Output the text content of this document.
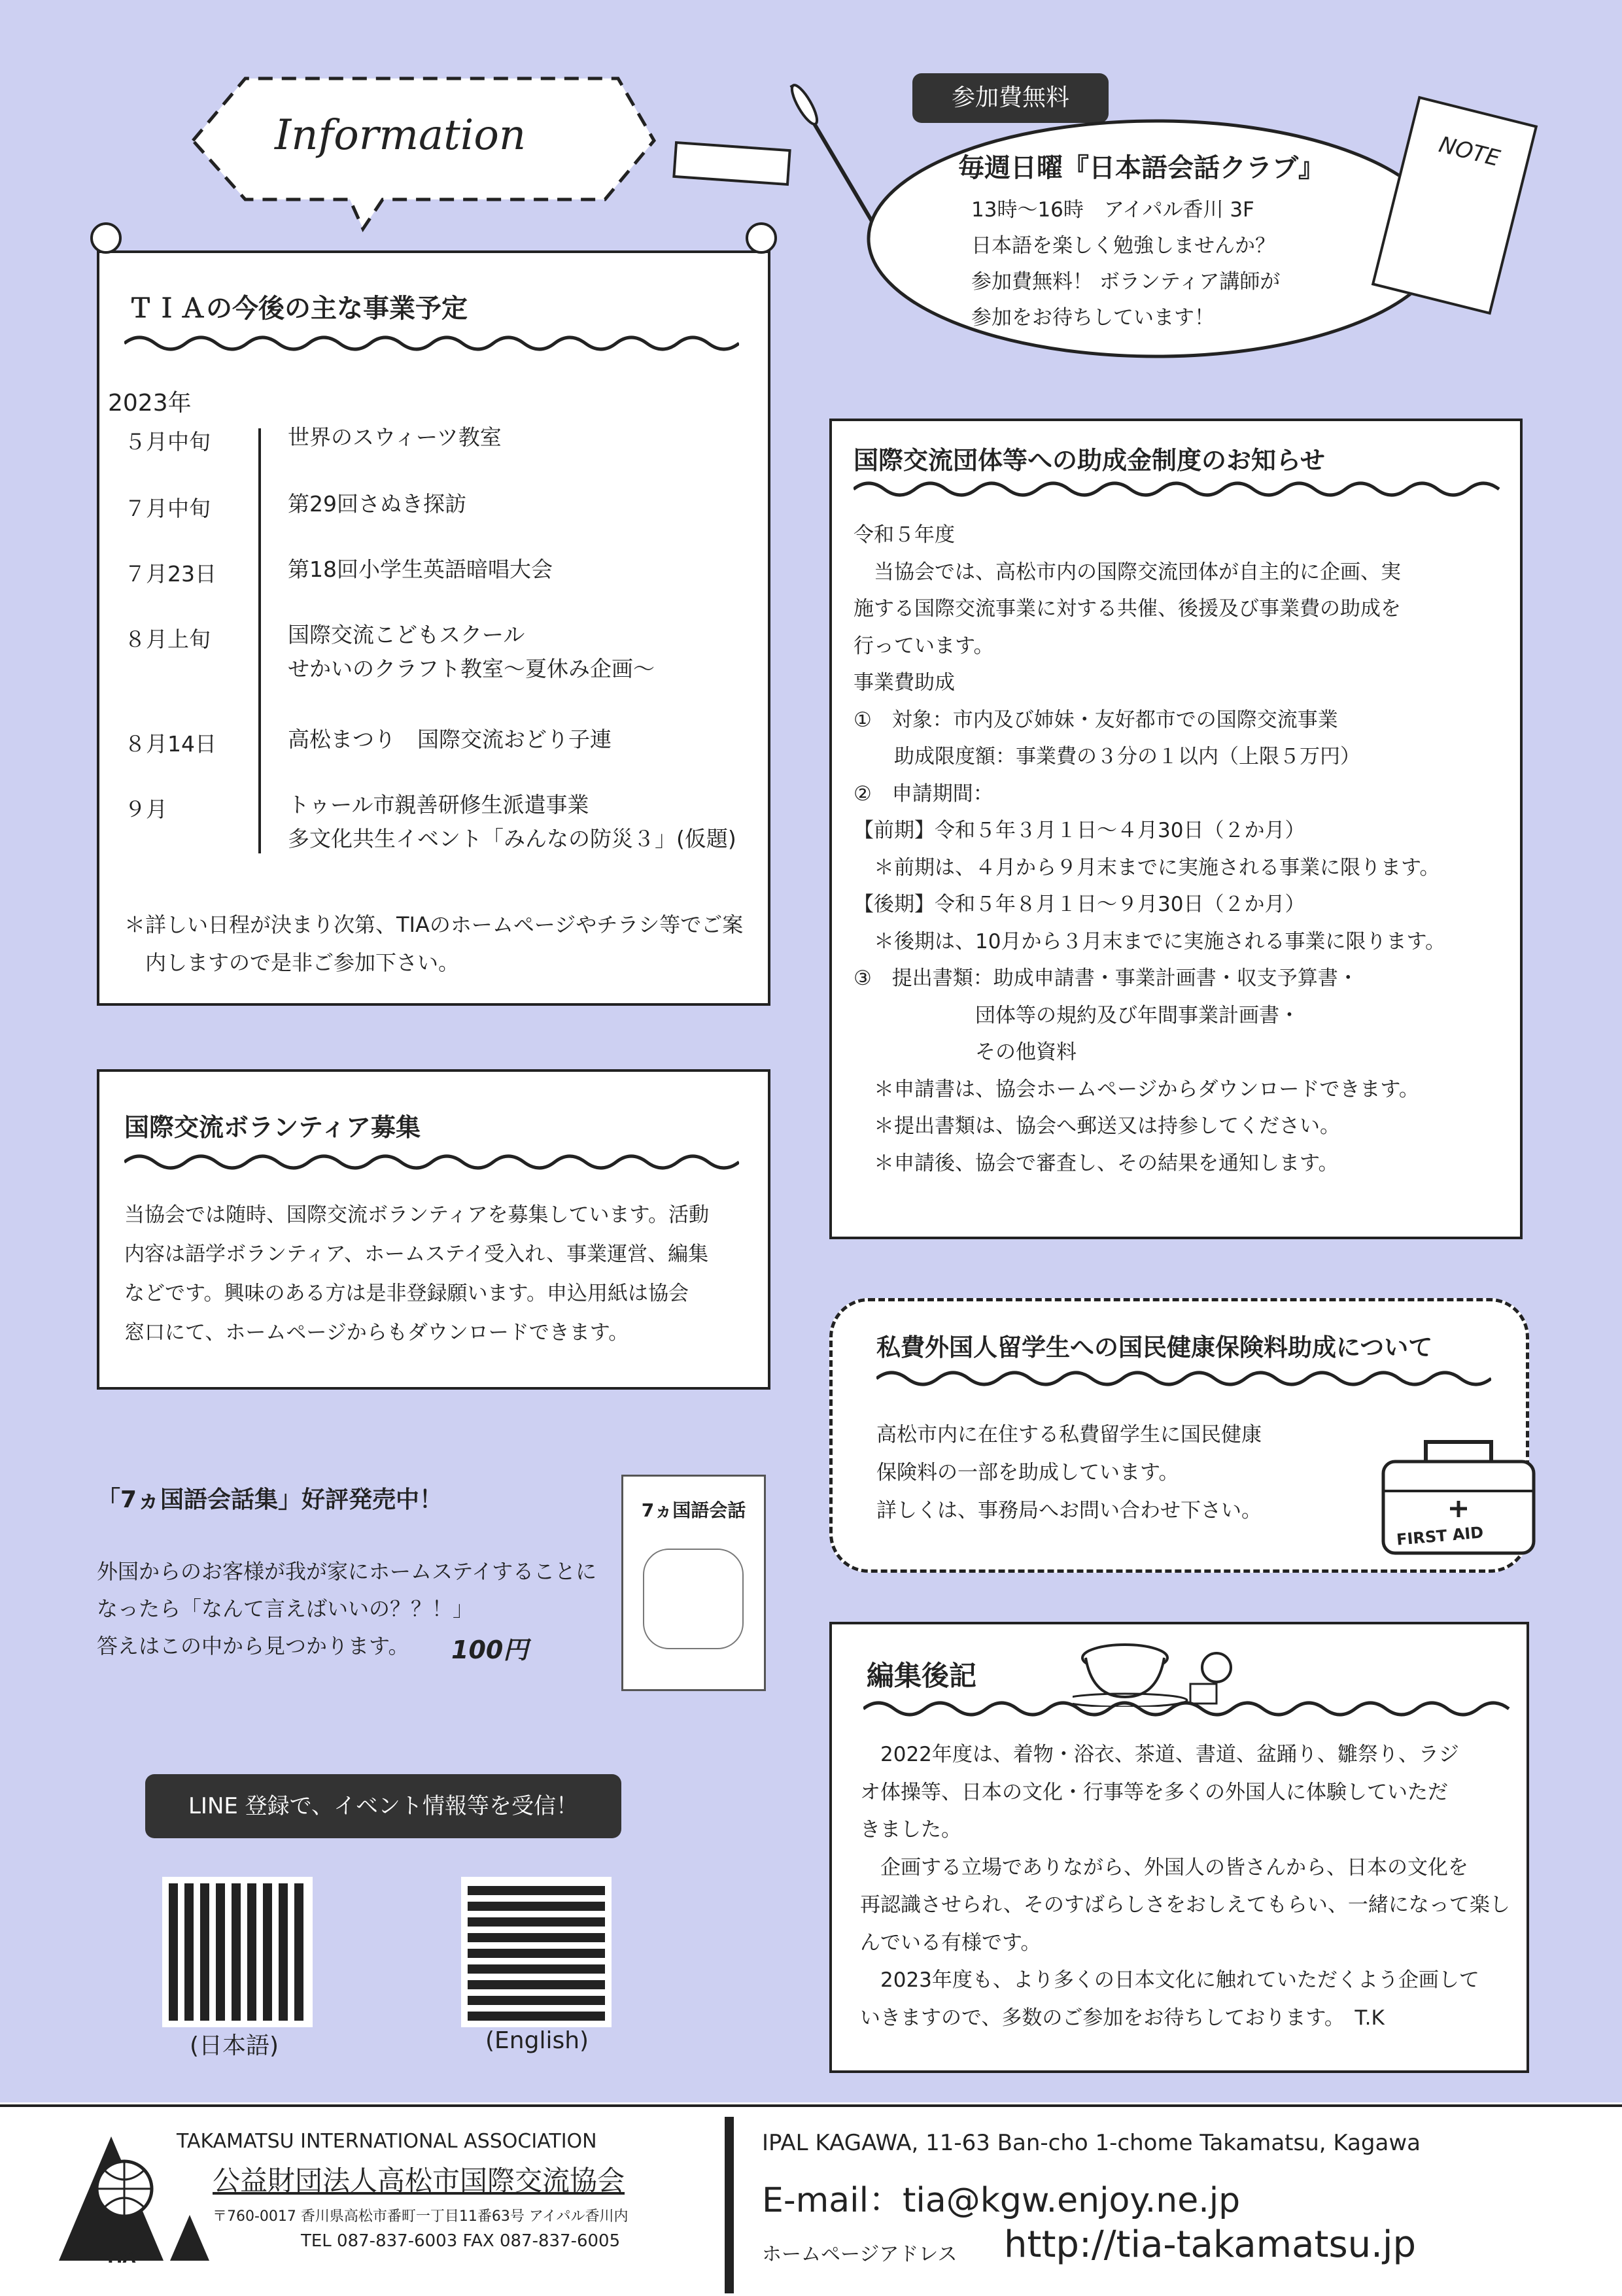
Information
参加費無料
毎週日曜『日本語会話クラブ』
13時～16時　アイパル香川 3F
日本語を楽しく勉強しませんか？
参加費無料！ ボランティア講師が
参加をお待ちしています！
NOTE
ＴＩＡの今後の主な事業予定
2023年
５月中旬	世界のスウィーツ教室
７月中旬	第29回さぬき探訪
７月23日	第18回小学生英語暗唱大会
８月上旬	国際交流こどもスクール
せかいのクラフト教室～夏休み企画～
８月14日	高松まつり　国際交流おどり子連
９月	トゥール市親善研修生派遣事業
多文化共生イベント「みんなの防災３」(仮題)
＊詳しい日程が決まり次第、TIAのホームページやチラシ等でご案
　内しますので是非ご参加下さい。
国際交流団体等への助成金制度のお知らせ
令和５年度
　当協会では、高松市内の国際交流団体が自主的に企画、実
施する国際交流事業に対する共催、後援及び事業費の助成を
行っています。
事業費助成
①　対象：市内及び姉妹・友好都市での国際交流事業
　　助成限度額：事業費の３分の１以内（上限５万円）
②　申請期間：
【前期】令和５年３月１日～４月30日（２か月）
　＊前期は、４月から９月末までに実施される事業に限ります。
【後期】令和５年８月１日～９月30日（２か月）
　＊後期は、10月から３月末までに実施される事業に限ります。
③　提出書類：助成申請書・事業計画書・収支予算書・
　　　　　　団体等の規約及び年間事業計画書・
　　　　　　その他資料
　＊申請書は、協会ホームページからダウンロードできます。
　＊提出書類は、協会へ郵送又は持参してください。
　＊申請後、協会で審査し、その結果を通知します。
国際交流ボランティア募集
当協会では随時、国際交流ボランティアを募集しています。活動
内容は語学ボランティア、ホームステイ受入れ、事業運営、編集
などです。興味のある方は是非登録願います。申込用紙は協会
窓口にて、ホームページからもダウンロードできます。
私費外国人留学生への国民健康保険料助成について
高松市内に在住する私費留学生に国民健康
保険料の一部を助成しています。
詳しくは、事務局へお問い合わせ下さい。
FIRST AID
「7ヵ国語会話集」好評発売中！
外国からのお客様が我が家にホームステイすることに
なったら「なんて言えばいいの？？！」
答えはこの中から見つかります。	100円
7ヵ国語会話
LINE 登録で、イベント情報等を受信！
(日本語)	(English)
編集後記
　2022年度は、着物・浴衣、茶道、書道、盆踊り、雛祭り、ラジ
オ体操等、日本の文化・行事等を多くの外国人に体験していただ
きました。
　企画する立場でありながら、外国人の皆さんから、日本の文化を
再認識させられ、そのすばらしさをおしえてもらい、一緒になって楽し
んでいる有様です。
　2023年度も、より多くの日本文化に触れていただくよう企画して
いきますので、多数のご参加をお待ちしております。　T.K
TIA
TAKAMATSU INTERNATIONAL ASSOCIATION
公益財団法人高松市国際交流協会
〒760-0017 香川県高松市番町一丁目11番63号 アイパル香川内
TEL 087-837-6003 FAX 087-837-6005
IPAL KAGAWA, 11-63 Ban-cho 1-chome Takamatsu, Kagawa
E-mail：tia@kgw.enjoy.ne.jp
ホームページアドレス http://tia-takamatsu.jp
